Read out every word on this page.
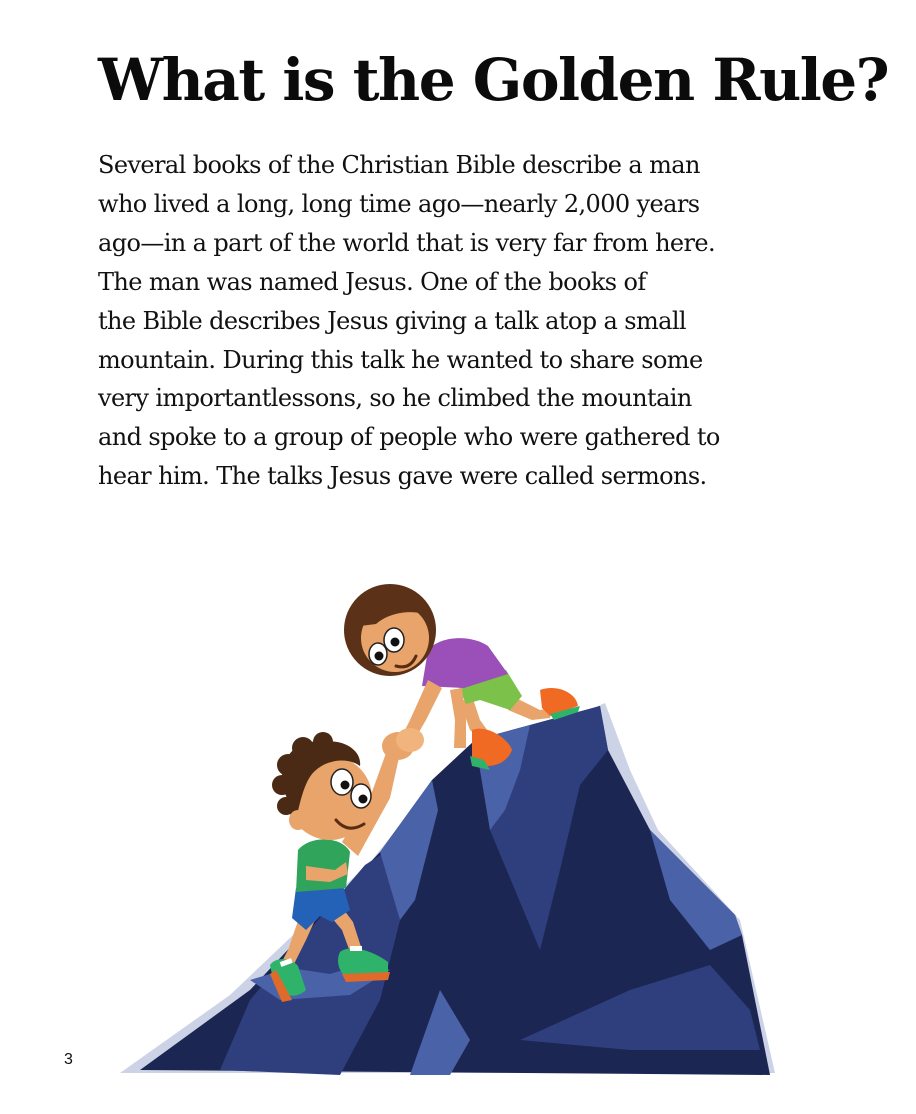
What is the Golden Rule?
Several books of the Christian Bible describe a man
who lived a long, long time ago—nearly 2,000 years
ago—in a part of the world that is very far from here.
The man was named Jesus. One of the books of
the Bible describes Jesus giving a talk atop a small
mountain. During this talk he wanted to share some
very importantlessons, so he climbed the mountain
and spoke to a group of people who were gathered to
hear him. The talks Jesus gave were called sermons.
3
